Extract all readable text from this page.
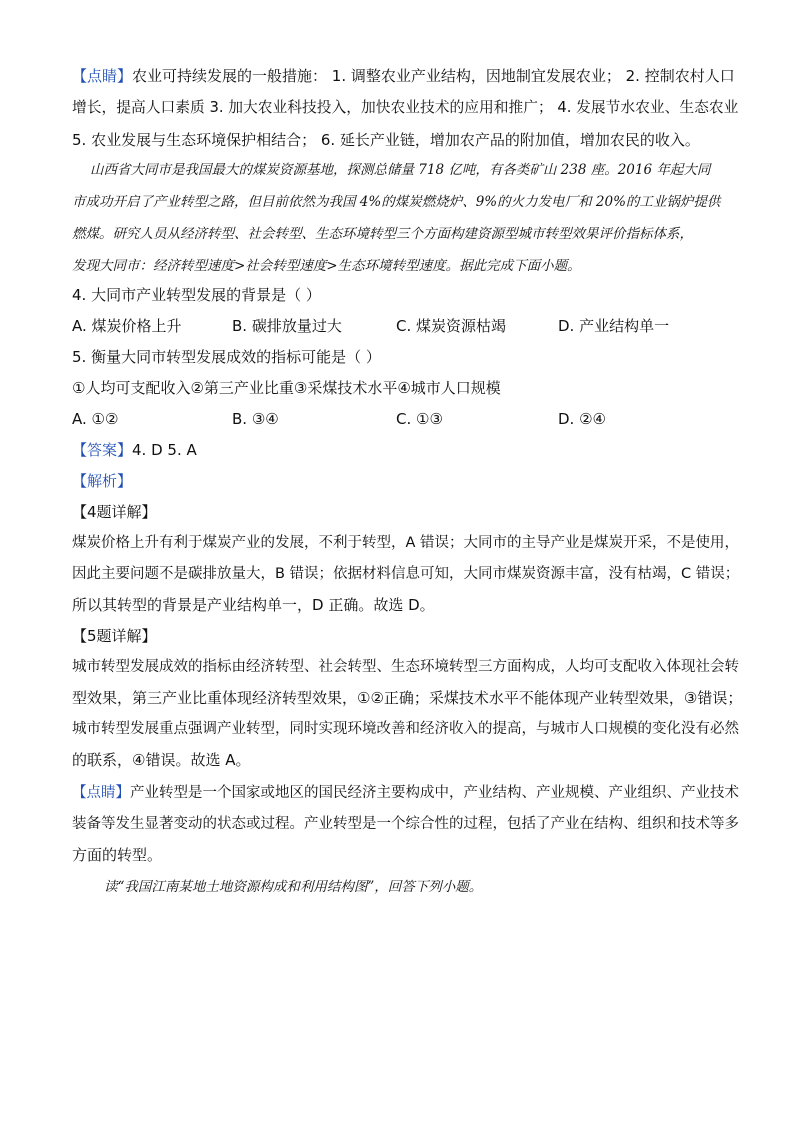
【点睛】农业可持续发展的一般措施： 1. 调整农业产业结构，因地制宜发展农业； 2. 控制农村人口
增长，提高人口素质 3. 加大农业科技投入，加快农业技术的应用和推广； 4. 发展节水农业、生态农业
5. 农业发展与生态环境保护相结合； 6. 延长产业链，增加农产品的附加值，增加农民的收入。
山西省大同市是我国最大的煤炭资源基地，探测总储量 718 亿吨，有各类矿山 238 座。2016 年起大同
市成功开启了产业转型之路，但目前依然为我国 4%的煤炭燃烧炉、9%的火力发电厂和 20%的工业锅炉提供
燃煤。研究人员从经济转型、社会转型、生态环境转型三个方面构建资源型城市转型效果评价指标体系，
发现大同市：经济转型速度>社会转型速度>生态环境转型速度。据此完成下面小题。
4. 大同市产业转型发展的背景是（ ）
A. 煤炭价格上升	B. 碳排放量过大	C. 煤炭资源枯竭	D. 产业结构单一
5. 衡量大同市转型发展成效的指标可能是（ ）
①人均可支配收入②第三产业比重③采煤技术水平④城市人口规模
A. ①②	B. ③④	C. ①③	D. ②④
【答案】4. D 5. A
【解析】
【4题详解】
煤炭价格上升有利于煤炭产业的发展，不利于转型，A 错误；大同市的主导产业是煤炭开采，不是使用，
因此主要问题不是碳排放量大，B 错误；依据材料信息可知，大同市煤炭资源丰富，没有枯竭，C 错误；
所以其转型的背景是产业结构单一，D 正确。故选 D。
【5题详解】
城市转型发展成效的指标由经济转型、社会转型、生态环境转型三方面构成，人均可支配收入体现社会转
型效果，第三产业比重体现经济转型效果，①②正确；采煤技术水平不能体现产业转型效果，③错误；
城市转型发展重点强调产业转型，同时实现环境改善和经济收入的提高，与城市人口规模的变化没有必然
的联系，④错误。故选 A。
【点睛】产业转型是一个国家或地区的国民经济主要构成中，产业结构、产业规模、产业组织、产业技术
装备等发生显著变动的状态或过程。产业转型是一个综合性的过程，包括了产业在结构、组织和技术等多
方面的转型。
读“我国江南某地土地资源构成和利用结构图”，回答下列小题。
